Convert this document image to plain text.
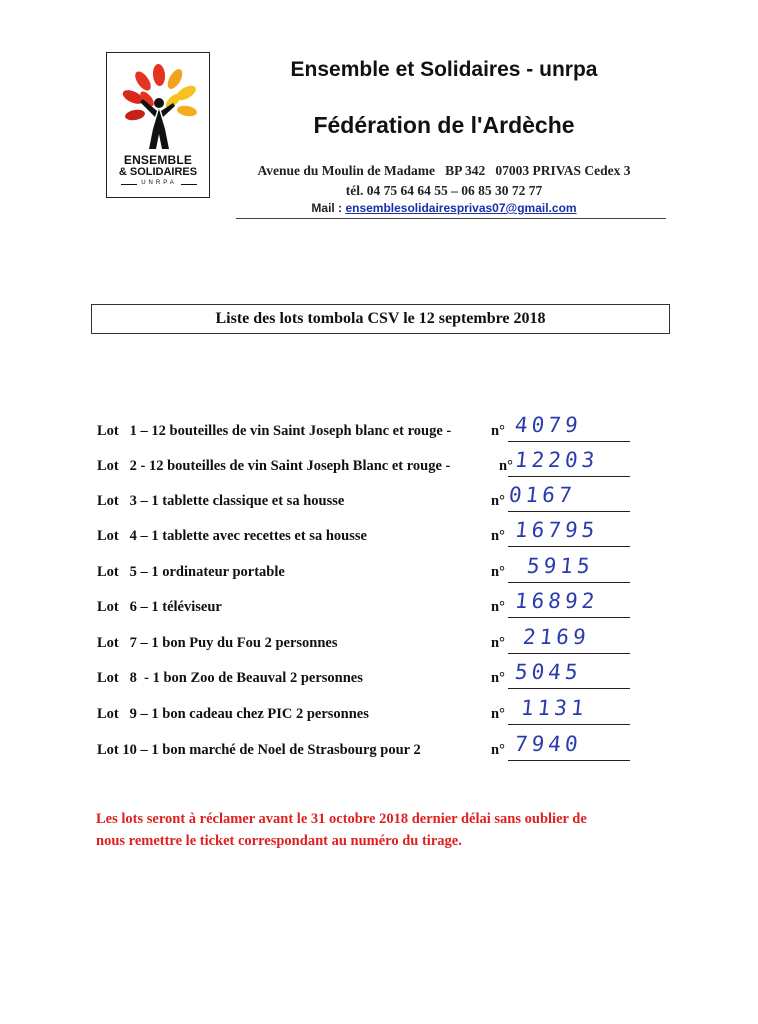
ENSEMBLE
& SOLIDAIRES
UNRPA
Ensemble et Solidaires - unrpa
Fédération de l'Ardèche
Avenue du Moulin de Madame   BP 342   07003 PRIVAS Cedex 3
tél. 04 75 64 64 55 – 06 85 30 72 77
Mail : ensemblesolidairesprivas07@gmail.com
Liste des lots tombola CSV le 12 septembre 2018
Lot   1 – 12 bouteilles de vin Saint Joseph blanc et rouge -	n° 4079
Lot   2 - 12 bouteilles de vin Saint Joseph Blanc et rouge -	n° 12203
Lot   3 – 1 tablette classique et sa housse	n° 0167
Lot   4 – 1 tablette avec recettes et sa housse	n° 16795
Lot   5 – 1 ordinateur portable	n° 5915
Lot   6 – 1 téléviseur	n° 16892
Lot   7 – 1 bon Puy du Fou 2 personnes	n° 2169
Lot   8  - 1 bon Zoo de Beauval 2 personnes	n° 5045
Lot   9 – 1 bon cadeau chez PIC 2 personnes	n° 1131
Lot 10 – 1 bon marché de Noel de Strasbourg pour 2	n° 7940
Les lots seront à réclamer avant le 31 octobre 2018 dernier délai sans oublier de
nous remettre le ticket correspondant au numéro du tirage.
